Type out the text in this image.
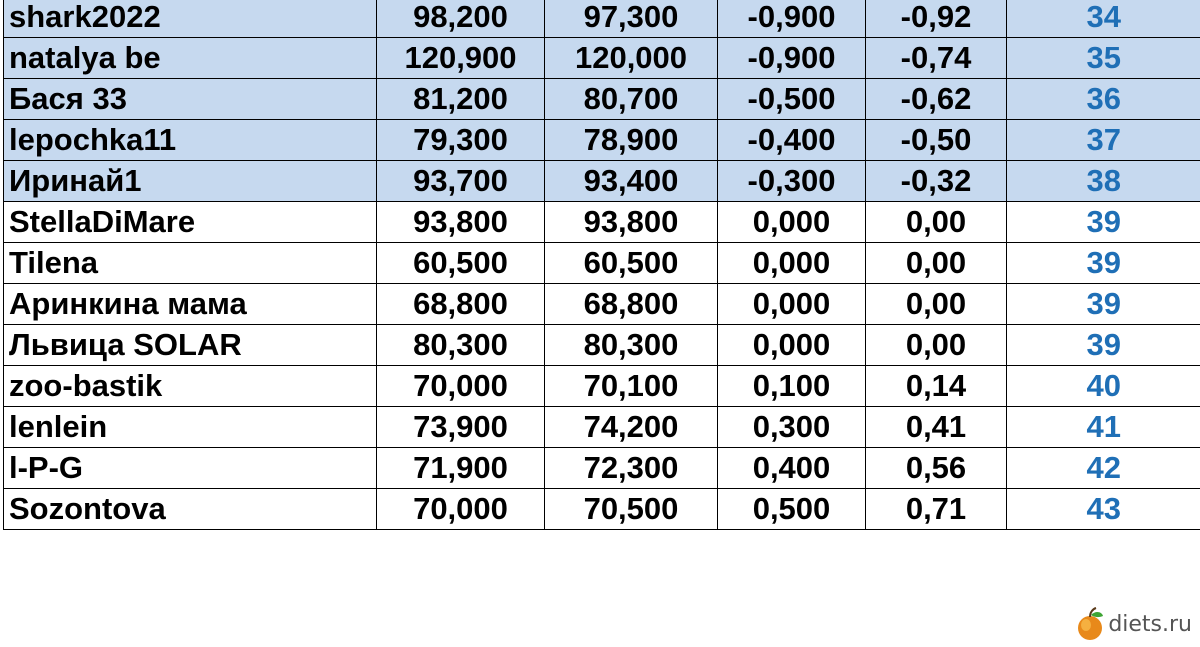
shark2022	98,200	97,300	-0,900	-0,92	34
natalya be	120,900	120,000	-0,900	-0,74	35
Бася 33	81,200	80,700	-0,500	-0,62	36
lepochka11	79,300	78,900	-0,400	-0,50	37
Иринай1	93,700	93,400	-0,300	-0,32	38
StellaDiMare	93,800	93,800	0,000	0,00	39
Tilena	60,500	60,500	0,000	0,00	39
Аринкина мама	68,800	68,800	0,000	0,00	39
Львица SOLAR	80,300	80,300	0,000	0,00	39
zoo-bastik	70,000	70,100	0,100	0,14	40
lenlein	73,900	74,200	0,300	0,41	41
l-P-G	71,900	72,300	0,400	0,56	42
Sozontova	70,000	70,500	0,500	0,71	43
diets.ru
